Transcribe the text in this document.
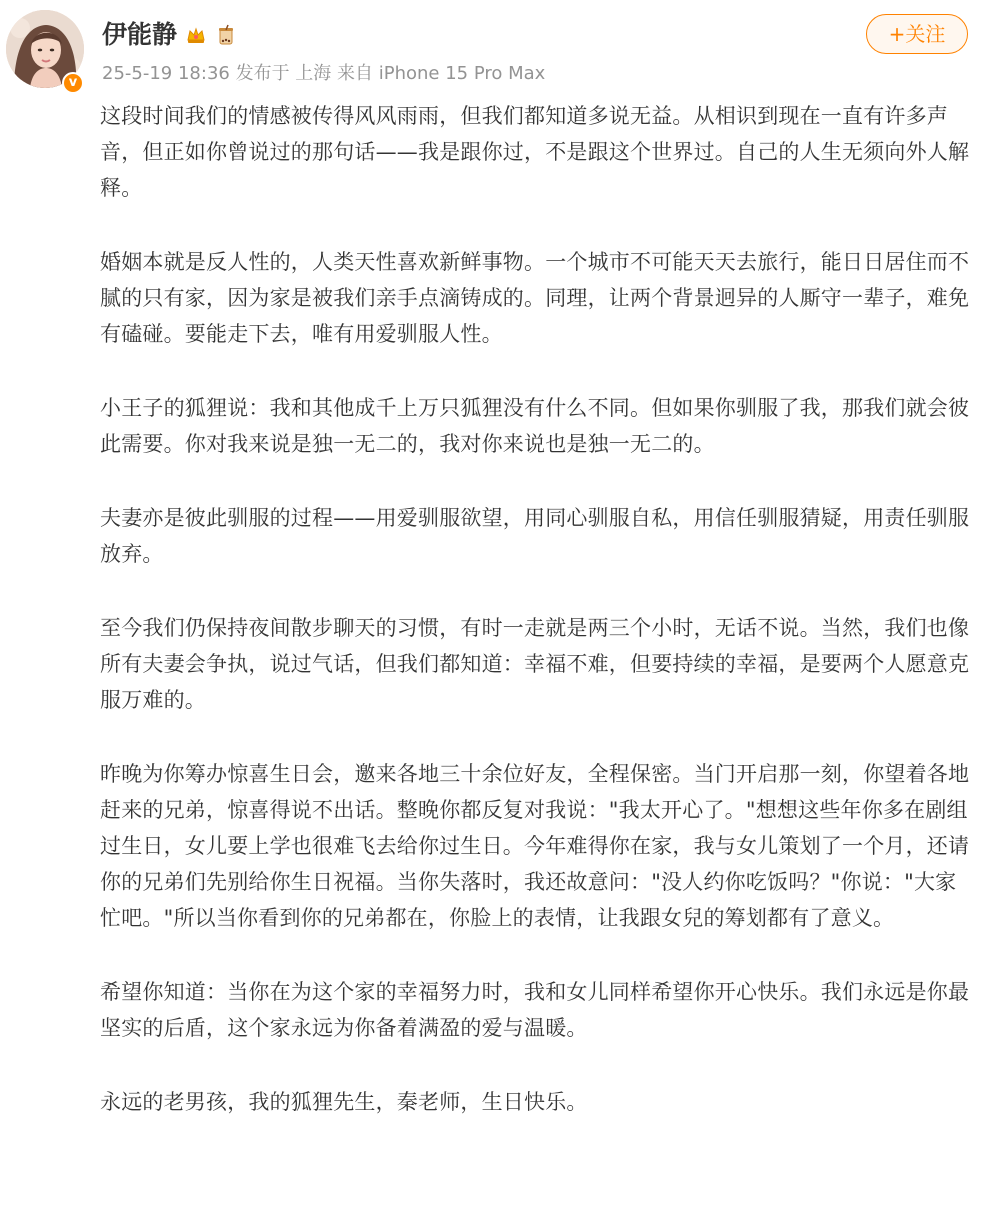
v
伊能静
25-5-19 18:36 发布于 上海 来自 iPhone 15 Pro Max
+关注

这段时间我们的情感被传得风风雨雨，但我们都知道多说无益。从相识到现在一直有许多声音，但正如你曾说过的那句话——我是跟你过，不是跟这个世界过。自己的人生无须向外人解释。

婚姻本就是反人性的，人类天性喜欢新鲜事物。一个城市不可能天天去旅行，能日日居住而不腻的只有家，因为家是被我们亲手点滴铸成的。同理，让两个背景迥异的人厮守一辈子，难免有磕碰。要能走下去，唯有用爱驯服人性。

小王子的狐狸说：我和其他成千上万只狐狸没有什么不同。但如果你驯服了我，那我们就会彼此需要。你对我来说是独一无二的，我对你来说也是独一无二的。

夫妻亦是彼此驯服的过程——用爱驯服欲望，用同心驯服自私，用信任驯服猜疑，用责任驯服放弃。

至今我们仍保持夜间散步聊天的习惯，有时一走就是两三个小时，无话不说。当然，我们也像所有夫妻会争执，说过气话，但我们都知道：幸福不难，但要持续的幸福，是要两个人愿意克服万难的。

昨晚为你筹办惊喜生日会，邀来各地三十余位好友，全程保密。当门开启那一刻，你望着各地赶来的兄弟，惊喜得说不出话。整晚你都反复对我说："我太开心了。"想想这些年你多在剧组过生日，女儿要上学也很难飞去给你过生日。今年难得你在家，我与女儿策划了一个月，还请你的兄弟们先别给你生日祝福。当你失落时，我还故意问："没人约你吃饭吗？"你说："大家忙吧。"所以当你看到你的兄弟都在，你脸上的表情，让我跟女兒的筹划都有了意义。

希望你知道：当你在为这个家的幸福努力时，我和女儿同样希望你开心快乐。我们永远是你最坚实的后盾，这个家永远为你备着满盈的爱与温暖。

永远的老男孩，我的狐狸先生，秦老师，生日快乐。
